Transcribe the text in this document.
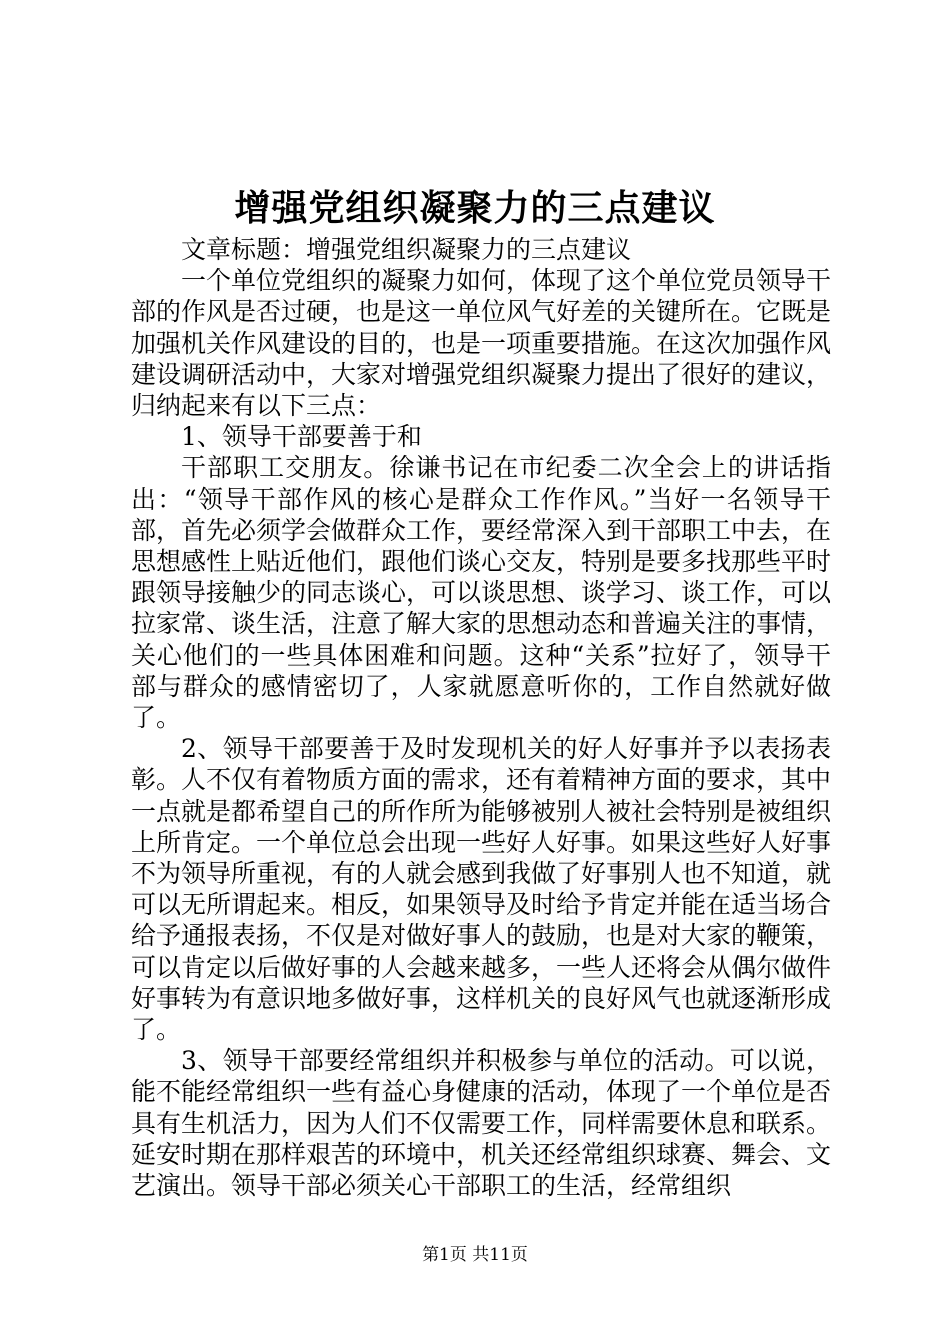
增强党组织凝聚力的三点建议

文章标题：增强党组织凝聚力的三点建议

一个单位党组织的凝聚力如何，体现了这个单位党员领导干部的作风是否过硬，也是这一单位风气好差的关键所在。它既是加强机关作风建设的目的，也是一项重要措施。在这次加强作风建设调研活动中，大家对增强党组织凝聚力提出了很好的建议，归纳起来有以下三点：

1、领导干部要善于和

干部职工交朋友。徐谦书记在市纪委二次全会上的讲话指出：“领导干部作风的核心是群众工作作风。”当好一名领导干部，首先必须学会做群众工作，要经常深入到干部职工中去，在思想感性上贴近他们，跟他们谈心交友，特别是要多找那些平时跟领导接触少的同志谈心，可以谈思想、谈学习、谈工作，可以拉家常、谈生活，注意了解大家的思想动态和普遍关注的事情，关心他们的一些具体困难和问题。这种“关系”拉好了，领导干部与群众的感情密切了，人家就愿意听你的，工作自然就好做了。

2、领导干部要善于及时发现机关的好人好事并予以表扬表彰。人不仅有着物质方面的需求，还有着精神方面的要求，其中一点就是都希望自己的所作所为能够被别人被社会特别是被组织上所肯定。一个单位总会出现一些好人好事。如果这些好人好事不为领导所重视，有的人就会感到我做了好事别人也不知道，就可以无所谓起来。相反，如果领导及时给予肯定并能在适当场合给予通报表扬，不仅是对做好事人的鼓励，也是对大家的鞭策，可以肯定以后做好事的人会越来越多，一些人还将会从偶尔做件好事转为有意识地多做好事，这样机关的良好风气也就逐渐形成了。

3、领导干部要经常组织并积极参与单位的活动。可以说，能不能经常组织一些有益心身健康的活动，体现了一个单位是否具有生机活力，因为人们不仅需要工作，同样需要休息和联系。延安时期在那样艰苦的环境中，机关还经常组织球赛、舞会、文艺演出。领导干部必须关心干部职工的生活，经常组织

第1页 共11页
